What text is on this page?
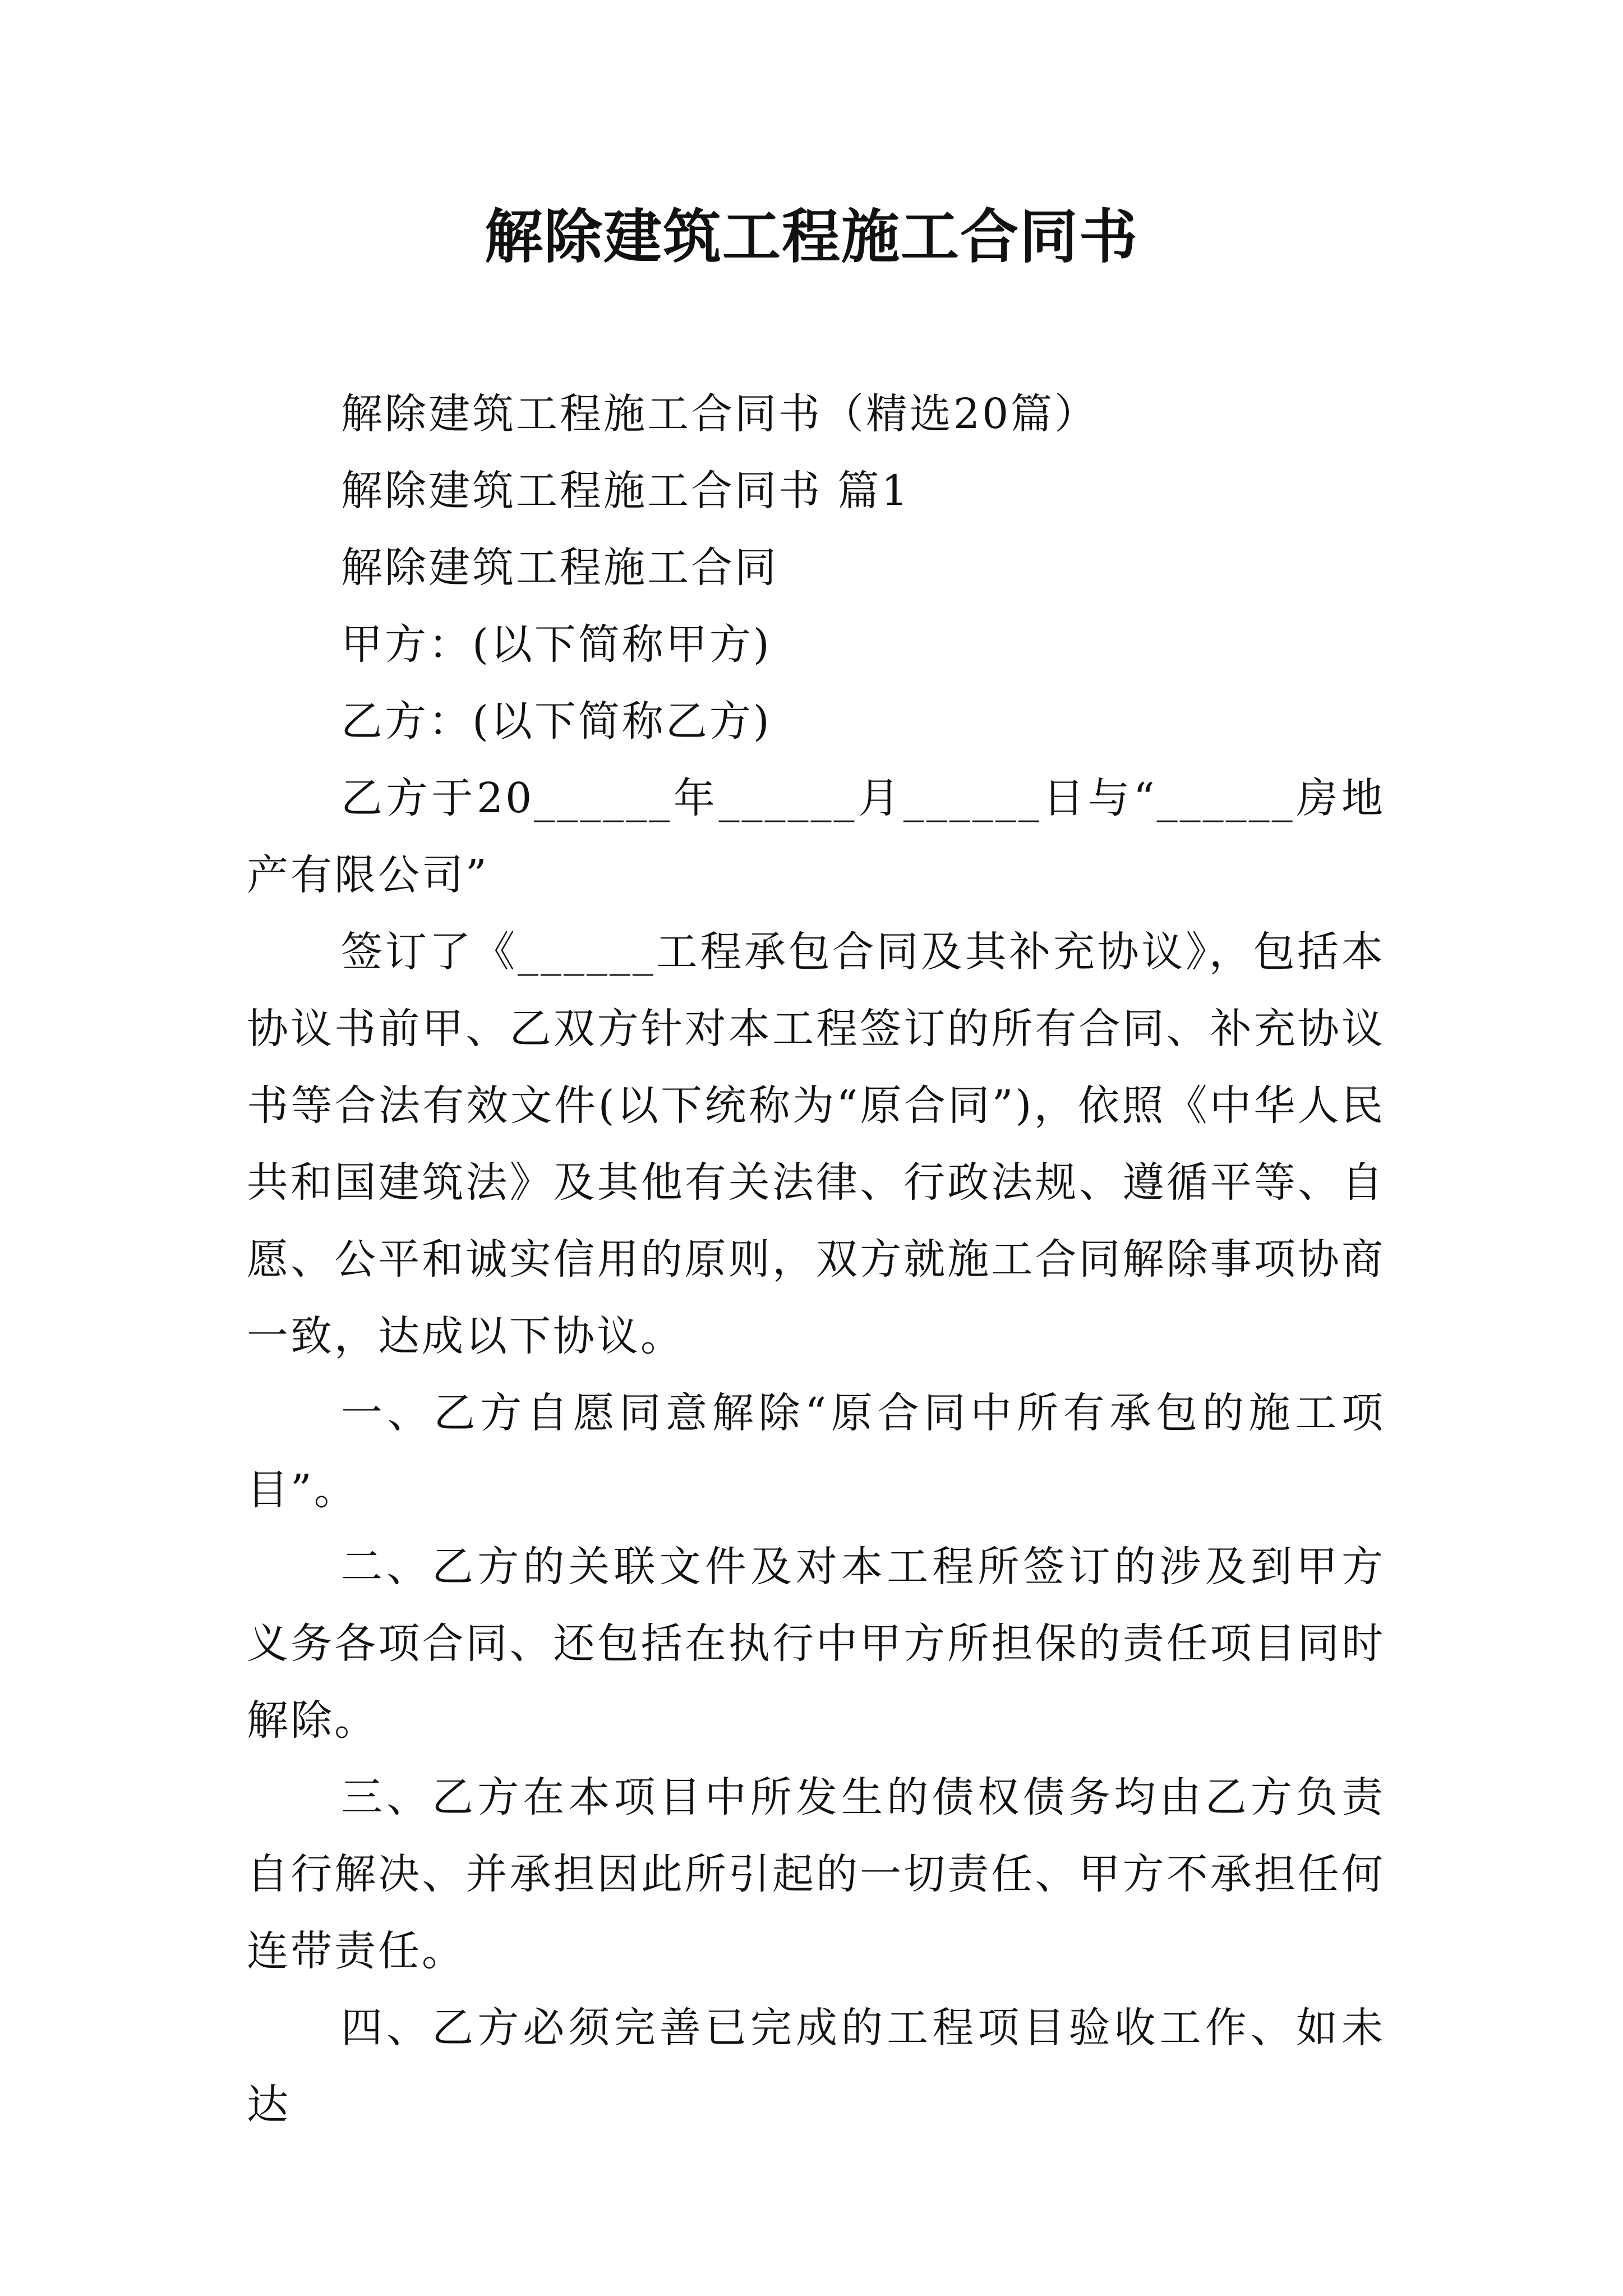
解除建筑工程施工合同书

解除建筑工程施工合同书（精选20篇）

解除建筑工程施工合同书 篇1

解除建筑工程施工合同

甲方：(以下简称甲方)

乙方：(以下简称乙方)

乙方于20______年______月______日与“______房地产有限公司”

签订了《______工程承包合同及其补充协议》，包括本协议书前甲、乙双方针对本工程签订的所有合同、补充协议书等合法有效文件(以下统称为“原合同”)，依照《中华人民共和国建筑法》及其他有关法律、行政法规、遵循平等、自愿、公平和诚实信用的原则，双方就施工合同解除事项协商一致，达成以下协议。

一、乙方自愿同意解除“原合同中所有承包的施工项目”。

二、乙方的关联文件及对本工程所签订的涉及到甲方义务各项合同、还包括在执行中甲方所担保的责任项目同时解除。

三、乙方在本项目中所发生的债权债务均由乙方负责自行解决、并承担因此所引起的一切责任、甲方不承担任何连带责任。

四、乙方必须完善已完成的工程项目验收工作、如未达
